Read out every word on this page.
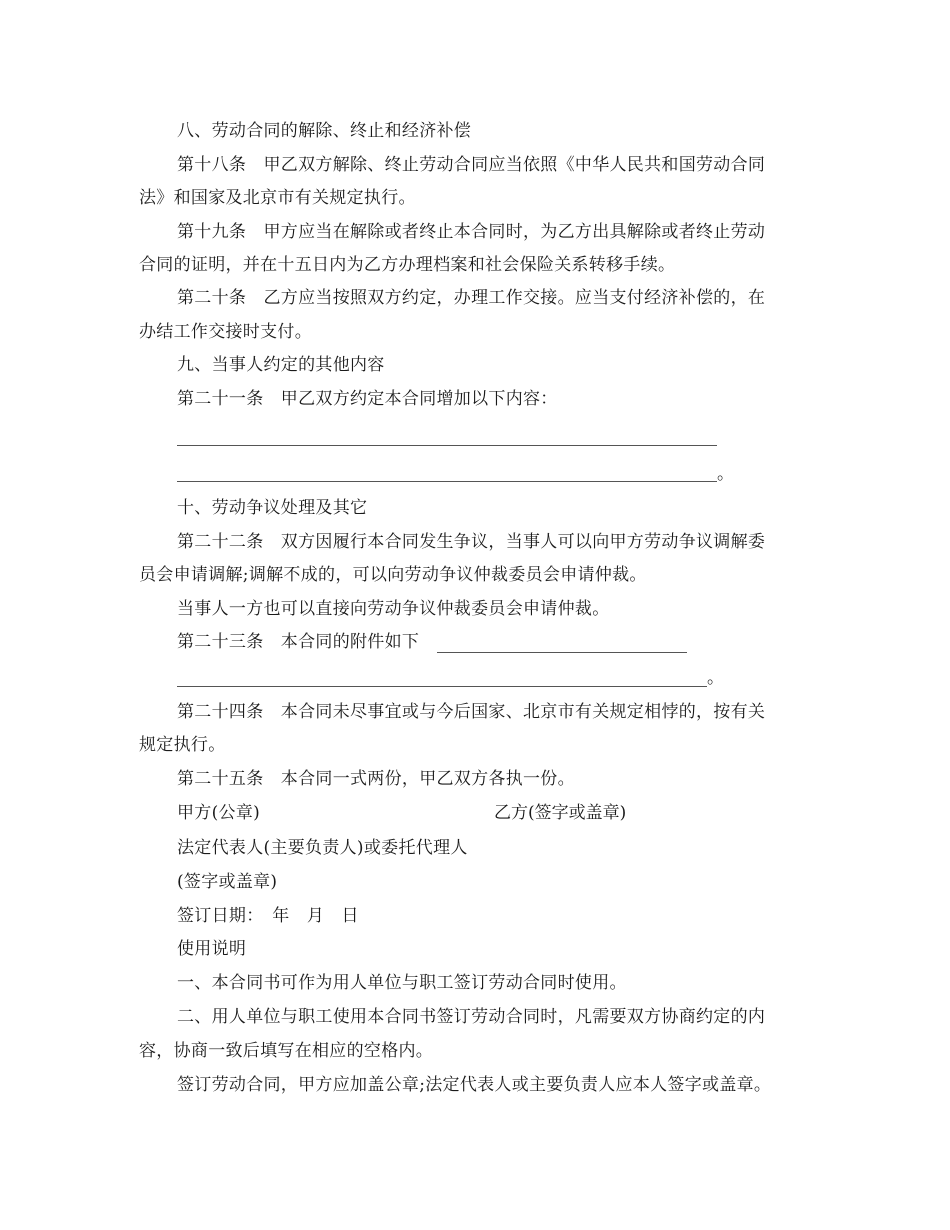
八、劳动合同的解除、终止和经济补偿
第十八条　甲乙双方解除、终止劳动合同应当依照《中华人民共和国劳动合同
法》和国家及北京市有关规定执行。
第十九条　甲方应当在解除或者终止本合同时，为乙方出具解除或者终止劳动
合同的证明，并在十五日内为乙方办理档案和社会保险关系转移手续。
第二十条　乙方应当按照双方约定，办理工作交接。应当支付经济补偿的，在
办结工作交接时支付。
九、当事人约定的其他内容
第二十一条　甲乙双方约定本合同增加以下内容：
。
十、劳动争议处理及其它
第二十二条　双方因履行本合同发生争议，当事人可以向甲方劳动争议调解委
员会申请调解;调解不成的，可以向劳动争议仲裁委员会申请仲裁。
当事人一方也可以直接向劳动争议仲裁委员会申请仲裁。
第二十三条　本合同的附件如下
。
第二十四条　本合同未尽事宜或与今后国家、北京市有关规定相悖的，按有关
规定执行。
第二十五条　本合同一式两份，甲乙双方各执一份。
甲方(公章)	乙方(签字或盖章)
法定代表人(主要负责人)或委托代理人
(签字或盖章)
签订日期：　年　月　日
使用说明
一、本合同书可作为用人单位与职工签订劳动合同时使用。
二、用人单位与职工使用本合同书签订劳动合同时，凡需要双方协商约定的内
容，协商一致后填写在相应的空格内。
签订劳动合同，甲方应加盖公章;法定代表人或主要负责人应本人签字或盖章。
